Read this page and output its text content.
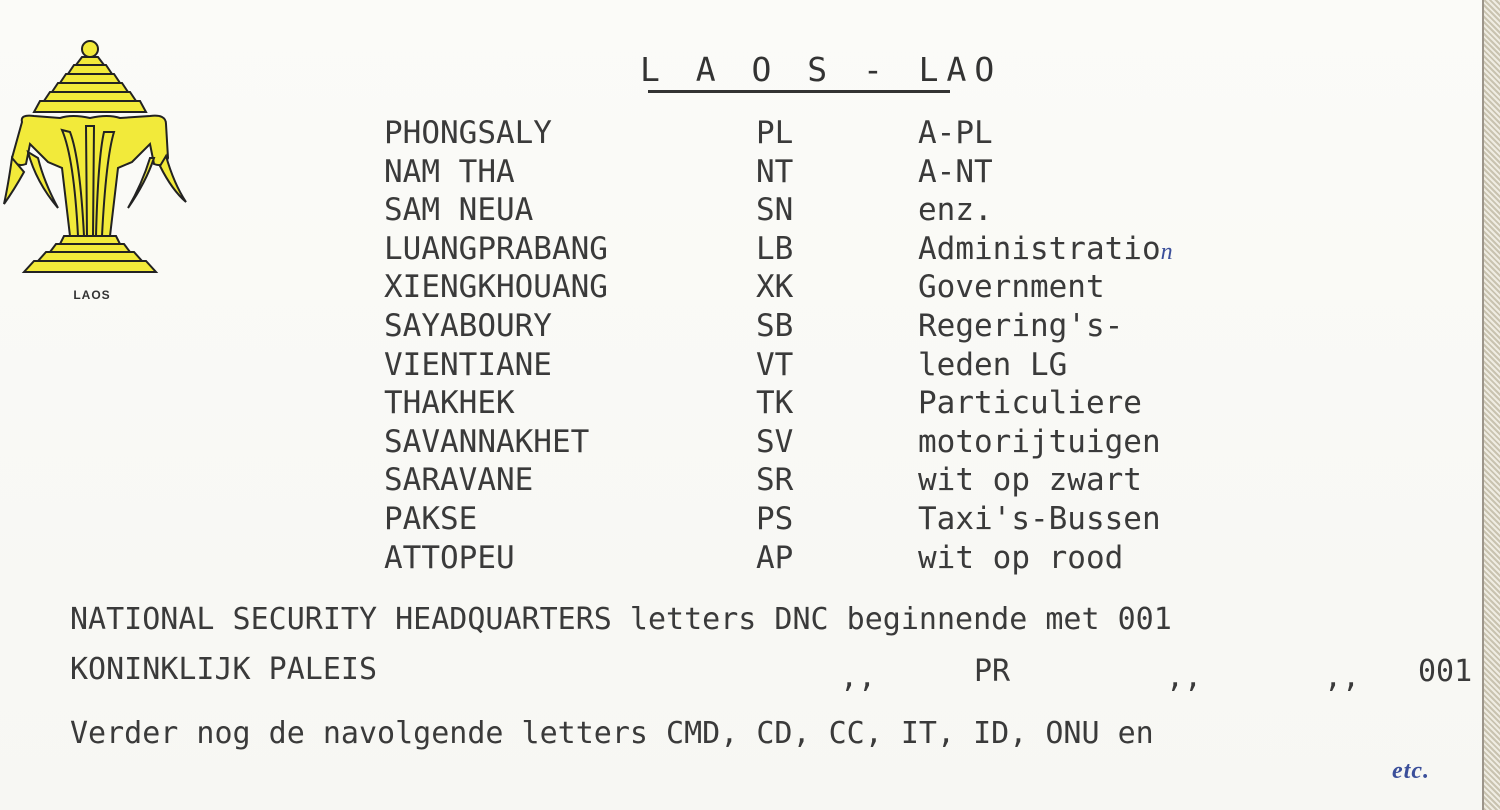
LAOS
L A O S - LAO
PHONGSALY	PL	A-PL
NAM THA	NT	A-NT
SAM NEUA	SN	enz.
LUANGPRABANG	LB	Administration
XIENGKHOUANG	XK	Government
SAYABOURY	SB	Regering's-
VIENTIANE	VT	leden LG
THAKHEK	TK	Particuliere
SAVANNAKHET	SV	motorijtuigen
SARAVANE	SR	wit op zwart
PAKSE	PS	Taxi's-Bussen
ATTOPEU	AP	wit op rood
NATIONAL SECURITY HEADQUARTERS letters DNC beginnende met 001
KONINKLIJK PALEIS	,,	PR	,,	,, 001
Verder nog de navolgende letters CMD, CD, CC, IT, ID, ONU en
etc.
